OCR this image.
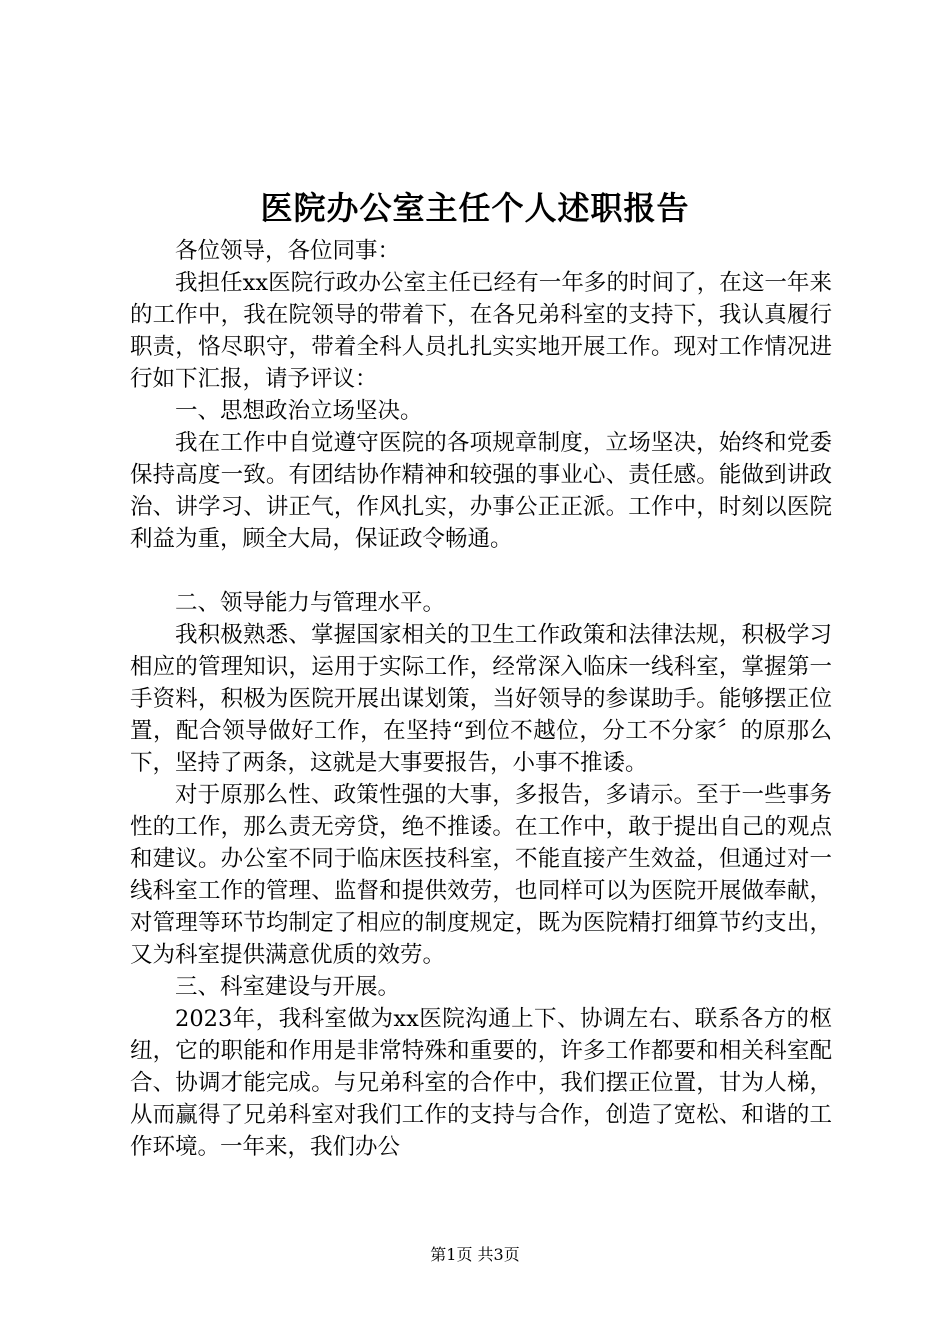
医院办公室主任个人述职报告

各位领导，各位同事：

我担任xx医院行政办公室主任已经有一年多的时间了，在这一年来的工作中，我在院领导的带着下，在各兄弟科室的支持下，我认真履行职责，恪尽职守，带着全科人员扎扎实实地开展工作。现对工作情况进行如下汇报，请予评议：

一、思想政治立场坚决。

我在工作中自觉遵守医院的各项规章制度，立场坚决，始终和党委保持高度一致。有团结协作精神和较强的事业心、责任感。能做到讲政治、讲学习、讲正气，作风扎实，办事公正正派。工作中，时刻以医院利益为重，顾全大局，保证政令畅通。

二、领导能力与管理水平。

我积极熟悉、掌握国家相关的卫生工作政策和法律法规，积极学习相应的管理知识，运用于实际工作，经常深入临床一线科室，掌握第一手资料，积极为医院开展出谋划策，当好领导的参谋助手。能够摆正位置，配合领导做好工作，在坚持“到位不越位，分工不分家〞的原那么下，坚持了两条，这就是大事要报告，小事不推诿。

对于原那么性、政策性强的大事，多报告，多请示。至于一些事务性的工作，那么责无旁贷，绝不推诿。在工作中，敢于提出自己的观点和建议。办公室不同于临床医技科室，不能直接产生效益，但通过对一线科室工作的管理、监督和提供效劳，也同样可以为医院开展做奉献，对管理等环节均制定了相应的制度规定，既为医院精打细算节约支出，又为科室提供满意优质的效劳。

三、科室建设与开展。

2023年，我科室做为xx医院沟通上下、协调左右、联系各方的枢纽，它的职能和作用是非常特殊和重要的，许多工作都要和相关科室配合、协调才能完成。与兄弟科室的合作中，我们摆正位置，甘为人梯，从而赢得了兄弟科室对我们工作的支持与合作，创造了宽松、和谐的工作环境。一年来，我们办公

第1页 共3页
